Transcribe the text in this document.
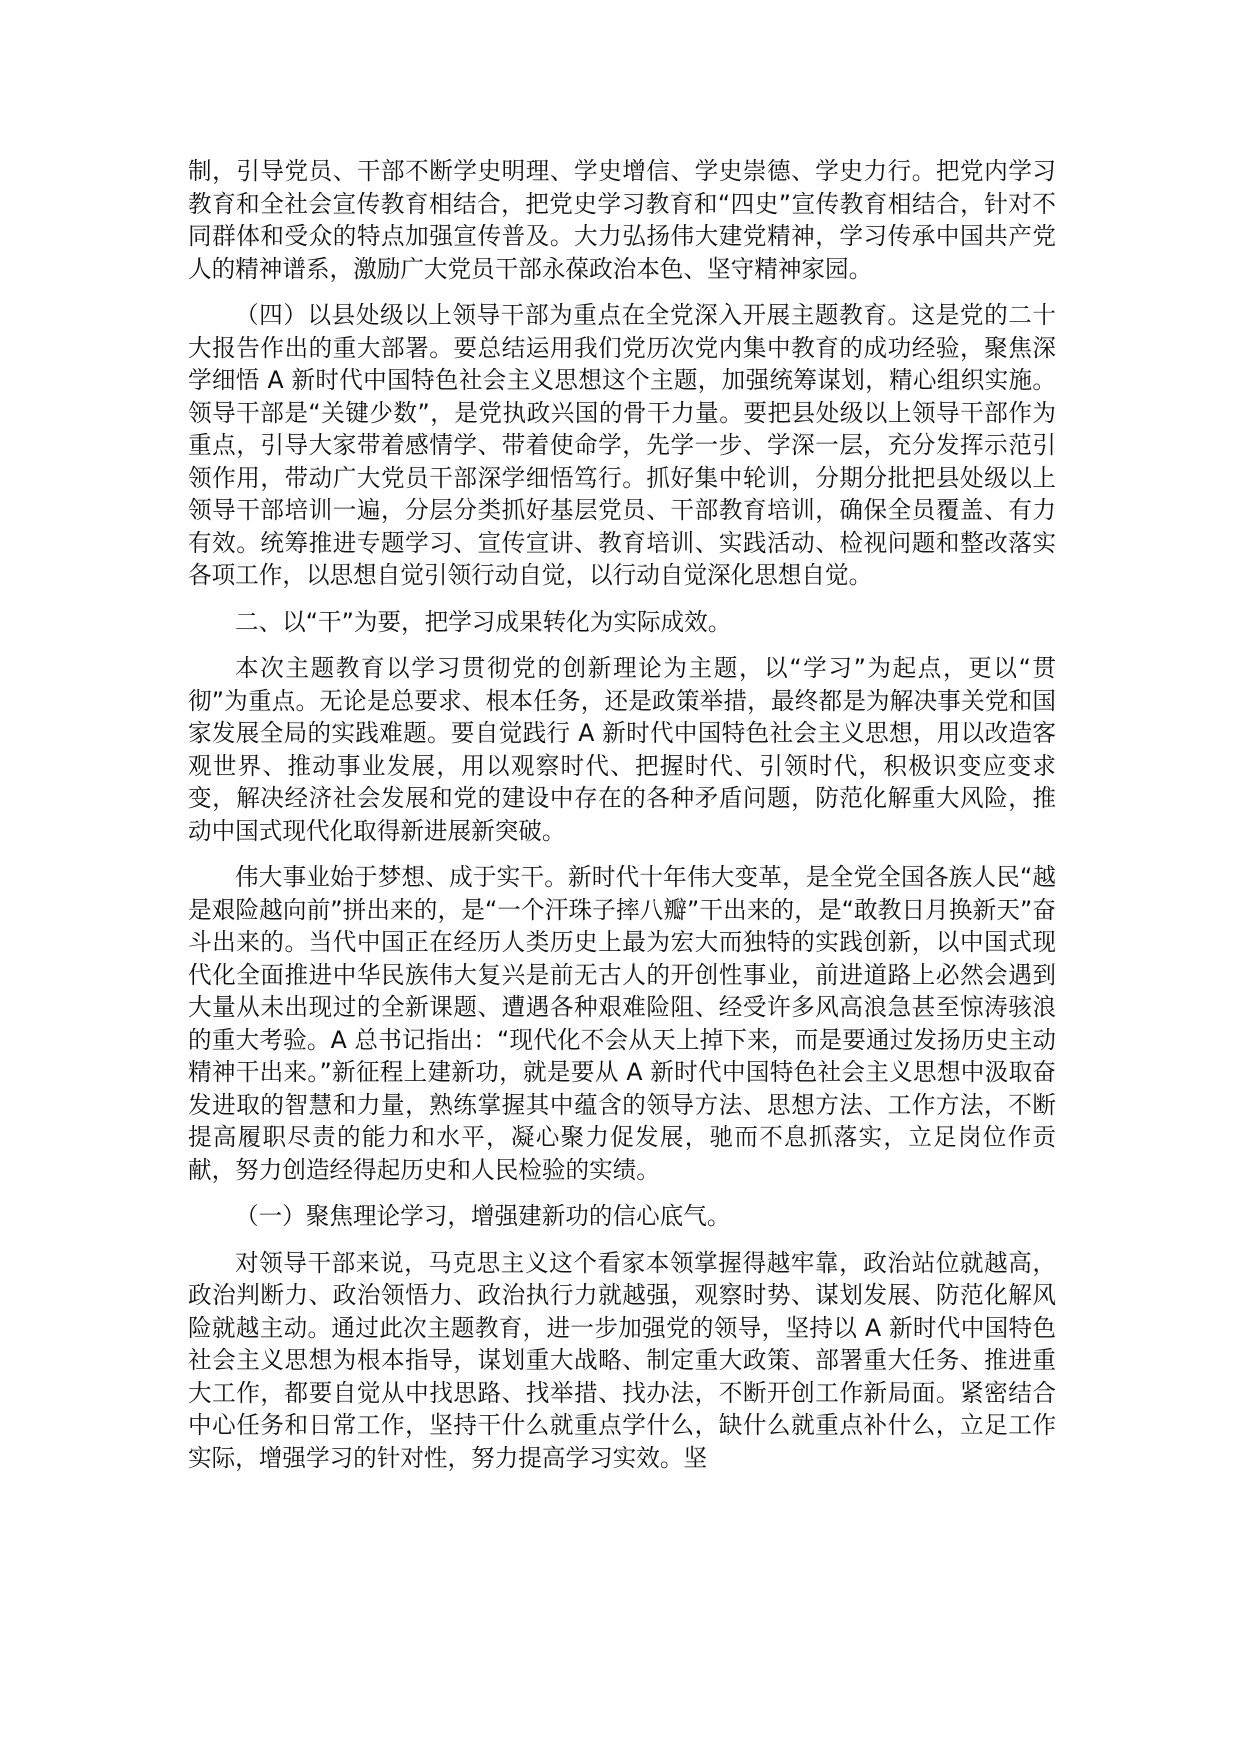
制，引导党员、干部不断学史明理、学史增信、学史崇德、学史力行。把党内学习教育和全社会宣传教育相结合，把党史学习教育和“四史”宣传教育相结合，针对不同群体和受众的特点加强宣传普及。大力弘扬伟大建党精神，学习传承中国共产党人的精神谱系，激励广大党员干部永葆政治本色、坚守精神家园。

（四）以县处级以上领导干部为重点在全党深入开展主题教育。这是党的二十大报告作出的重大部署。要总结运用我们党历次党内集中教育的成功经验，聚焦深学细悟 A 新时代中国特色社会主义思想这个主题，加强统筹谋划，精心组织实施。领导干部是“关键少数”，是党执政兴国的骨干力量。要把县处级以上领导干部作为重点，引导大家带着感情学、带着使命学，先学一步、学深一层，充分发挥示范引领作用，带动广大党员干部深学细悟笃行。抓好集中轮训，分期分批把县处级以上领导干部培训一遍，分层分类抓好基层党员、干部教育培训，确保全员覆盖、有力有效。统筹推进专题学习、宣传宣讲、教育培训、实践活动、检视问题和整改落实各项工作，以思想自觉引领行动自觉，以行动自觉深化思想自觉。

二、以“干”为要，把学习成果转化为实际成效。

本次主题教育以学习贯彻党的创新理论为主题，以“学习”为起点，更以“贯彻”为重点。无论是总要求、根本任务，还是政策举措，最终都是为解决事关党和国家发展全局的实践难题。要自觉践行 A 新时代中国特色社会主义思想，用以改造客观世界、推动事业发展，用以观察时代、把握时代、引领时代，积极识变应变求变，解决经济社会发展和党的建设中存在的各种矛盾问题，防范化解重大风险，推动中国式现代化取得新进展新突破。

伟大事业始于梦想、成于实干。新时代十年伟大变革，是全党全国各族人民“越是艰险越向前”拼出来的，是“一个汗珠子摔八瓣”干出来的，是“敢教日月换新天”奋斗出来的。当代中国正在经历人类历史上最为宏大而独特的实践创新，以中国式现代化全面推进中华民族伟大复兴是前无古人的开创性事业，前进道路上必然会遇到大量从未出现过的全新课题、遭遇各种艰难险阻、经受许多风高浪急甚至惊涛骇浪的重大考验。A 总书记指出：“现代化不会从天上掉下来，而是要通过发扬历史主动精神干出来。”新征程上建新功，就是要从 A 新时代中国特色社会主义思想中汲取奋发进取的智慧和力量，熟练掌握其中蕴含的领导方法、思想方法、工作方法，不断提高履职尽责的能力和水平，凝心聚力促发展，驰而不息抓落实，立足岗位作贡献，努力创造经得起历史和人民检验的实绩。

（一）聚焦理论学习，增强建新功的信心底气。

对领导干部来说，马克思主义这个看家本领掌握得越牢靠，政治站位就越高，政治判断力、政治领悟力、政治执行力就越强，观察时势、谋划发展、防范化解风险就越主动。通过此次主题教育，进一步加强党的领导，坚持以 A 新时代中国特色社会主义思想为根本指导，谋划重大战略、制定重大政策、部署重大任务、推进重大工作，都要自觉从中找思路、找举措、找办法，不断开创工作新局面。紧密结合中心任务和日常工作，坚持干什么就重点学什么，缺什么就重点补什么，立足工作实际，增强学习的针对性，努力提高学习实效。坚
